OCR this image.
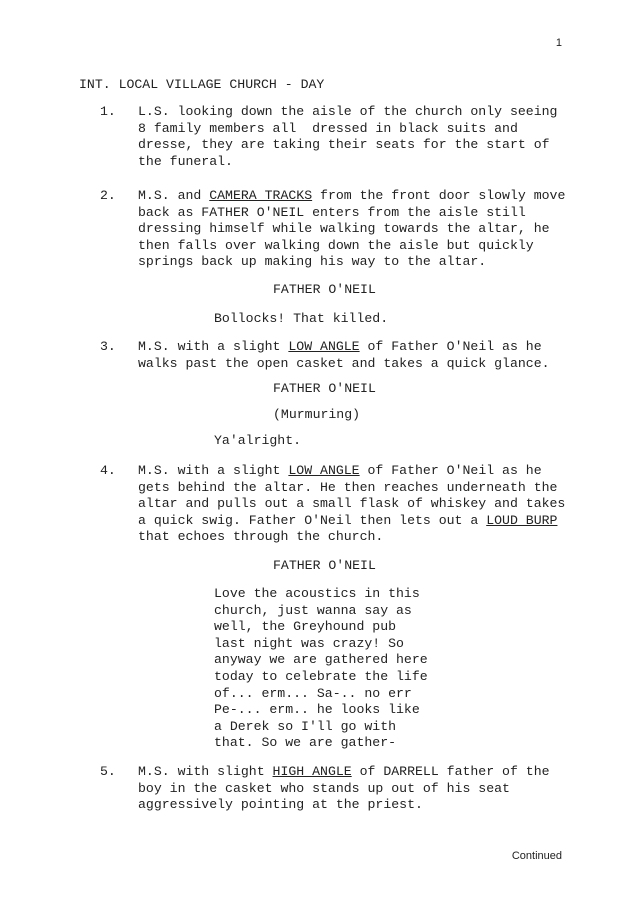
1
INT. LOCAL VILLAGE CHURCH - DAY
1.	L.S. looking down the aisle of the church only seeing
8 family members all  dressed in black suits and
dresse, they are taking their seats for the start of
the funeral.
2.	M.S. and CAMERA TRACKS from the front door slowly move
back as FATHER O'NEIL enters from the aisle still
dressing himself while walking towards the altar, he
then falls over walking down the aisle but quickly
springs back up making his way to the altar.
FATHER O'NEIL
Bollocks! That killed.
3.	M.S. with a slight LOW ANGLE of Father O'Neil as he
walks past the open casket and takes a quick glance.
FATHER O'NEIL
(Murmuring)
Ya'alright.
4.	M.S. with a slight LOW ANGLE of Father O'Neil as he
gets behind the altar. He then reaches underneath the
altar and pulls out a small flask of whiskey and takes
a quick swig. Father O'Neil then lets out a LOUD BURP
that echoes through the church.
FATHER O'NEIL
Love the acoustics in this
church, just wanna say as
well, the Greyhound pub
last night was crazy! So
anyway we are gathered here
today to celebrate the life
of... erm... Sa-.. no err
Pe-... erm.. he looks like
a Derek so I'll go with
that. So we are gather-
5.	M.S. with slight HIGH ANGLE of DARRELL father of the
boy in the casket who stands up out of his seat
aggressively pointing at the priest.
Continued
